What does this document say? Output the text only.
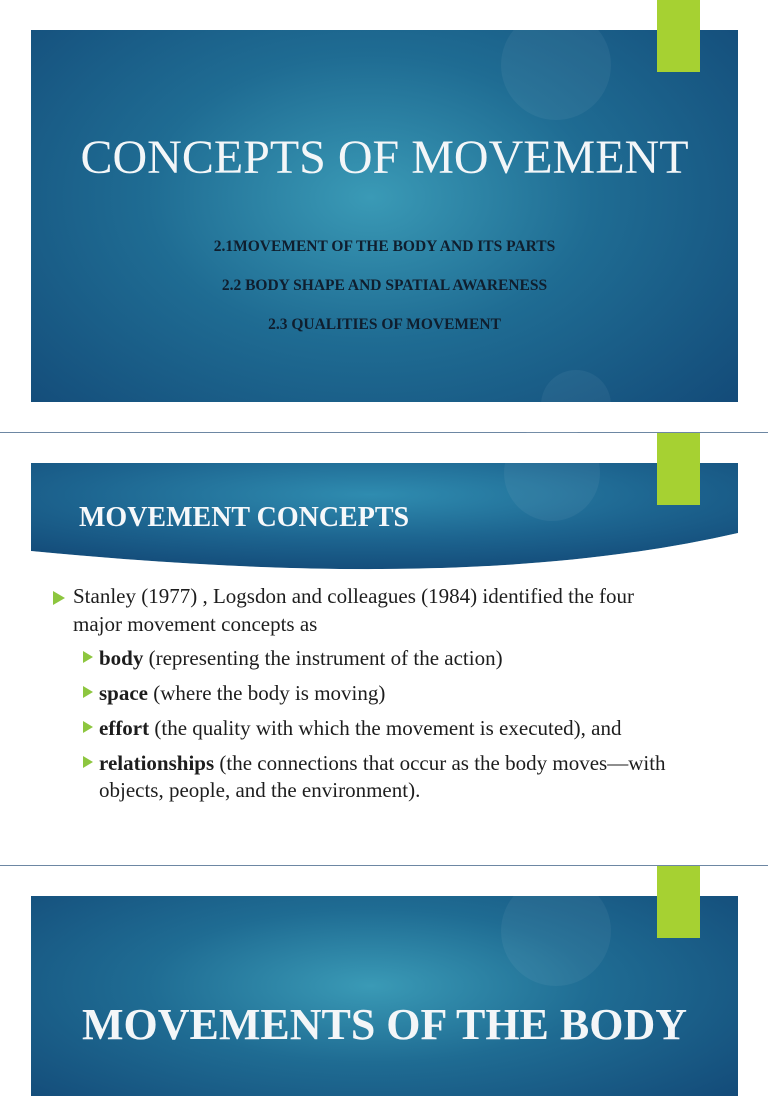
CONCEPTS OF MOVEMENT
2.1MOVEMENT OF THE BODY AND ITS PARTS
2.2 BODY SHAPE AND SPATIAL AWARENESS
2.3 QUALITIES OF MOVEMENT
MOVEMENT CONCEPTS
Stanley (1977) , Logsdon and colleagues (1984) identified the four
major movement concepts as
body (representing the instrument of the action)
space (where the body is moving)
effort (the quality with which the movement is executed), and
relationships (the connections that occur as the body moves—with
objects, people, and the environment).
MOVEMENTS OF THE BODY
